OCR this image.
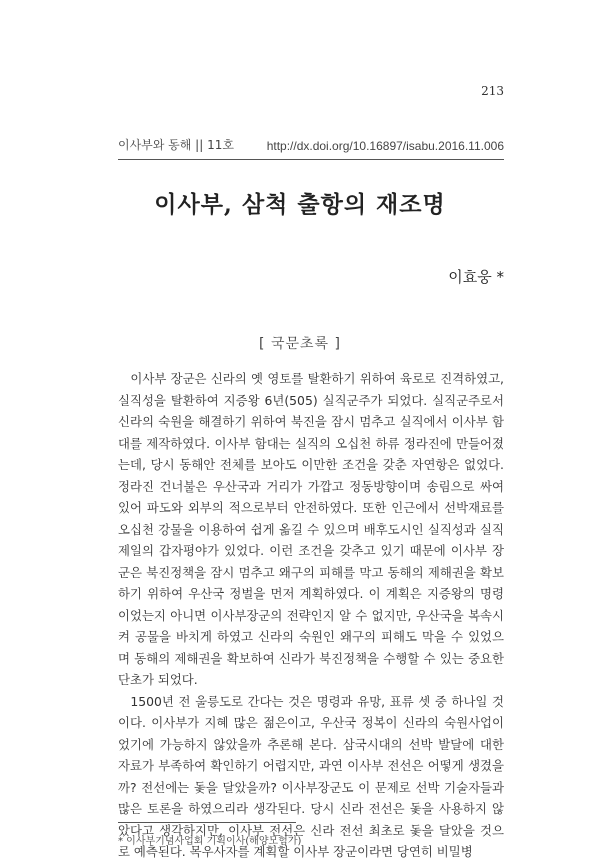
213
이사부와 동해 || 11호	http://dx.doi.org/10.16897/isabu.2016.11.006
이사부, 삼척 출항의 재조명
이효웅 *
[ 국문초록 ]

이사부 장군은 신라의 옛 영토를 탈환하기 위하여 육로로 진격하였고, 실직성을 탈환하여 지증왕 6년(505) 실직군주가 되었다. 실직군주로서 신라의 숙원을 해결하기 위하여 북진을 잠시 멈추고 실직에서 이사부 함대를 제작하였다. 이사부 함대는 실직의 오십천 하류 정라진에 만들어졌는데, 당시 동해안 전체를 보아도 이만한 조건을 갖춘 자연항은 없었다. 정라진 건너불은 우산국과 거리가 가깝고 정동방향이며 송림으로 싸여있어 파도와 외부의 적으로부터 안전하였다. 또한 인근에서 선박재료를 오십천 강물을 이용하여 쉽게 옮길 수 있으며 배후도시인 실직성과 실직 제일의 갑자평야가 있었다. 이런 조건을 갖추고 있기 때문에 이사부 장군은 북진정책을 잠시 멈추고 왜구의 피해를 막고 동해의 제해권을 확보하기 위하여 우산국 정벌을 먼저 계획하였다. 이 계획은 지증왕의 명령이었는지 아니면 이사부장군의 전략인지 알 수 없지만, 우산국을 복속시켜 공물을 바치게 하였고 신라의 숙원인 왜구의 피해도 막을 수 있었으며 동해의 제해권을 확보하여 신라가 북진정책을 수행할 수 있는 중요한 단초가 되었다.

1500년 전 울릉도로 간다는 것은 명령과 유망, 표류 셋 중 하나일 것이다. 이사부가 지혜 많은 젊은이고, 우산국 정복이 신라의 숙원사업이었기에 가능하지 않았을까 추론해 본다. 삼국시대의 선박 발달에 대한 자료가 부족하여 확인하기 어렵지만, 과연 이사부 전선은 어떻게 생겼을까? 전선에는 돛을 달았을까? 이사부장군도 이 문제로 선박 기술자들과 많은 토론을 하였으리라 생각된다. 당시 신라 전선은 돛을 사용하지 않았다고 생각하지만, 이사부 전선은 신라 전선 최초로 돛을 달았을 것으로 예측된다. 목우사자를 계획할 이사부 장군이라면 당연히 비밀병

* 이사부기념사업회 기획이사(해양모험가)
